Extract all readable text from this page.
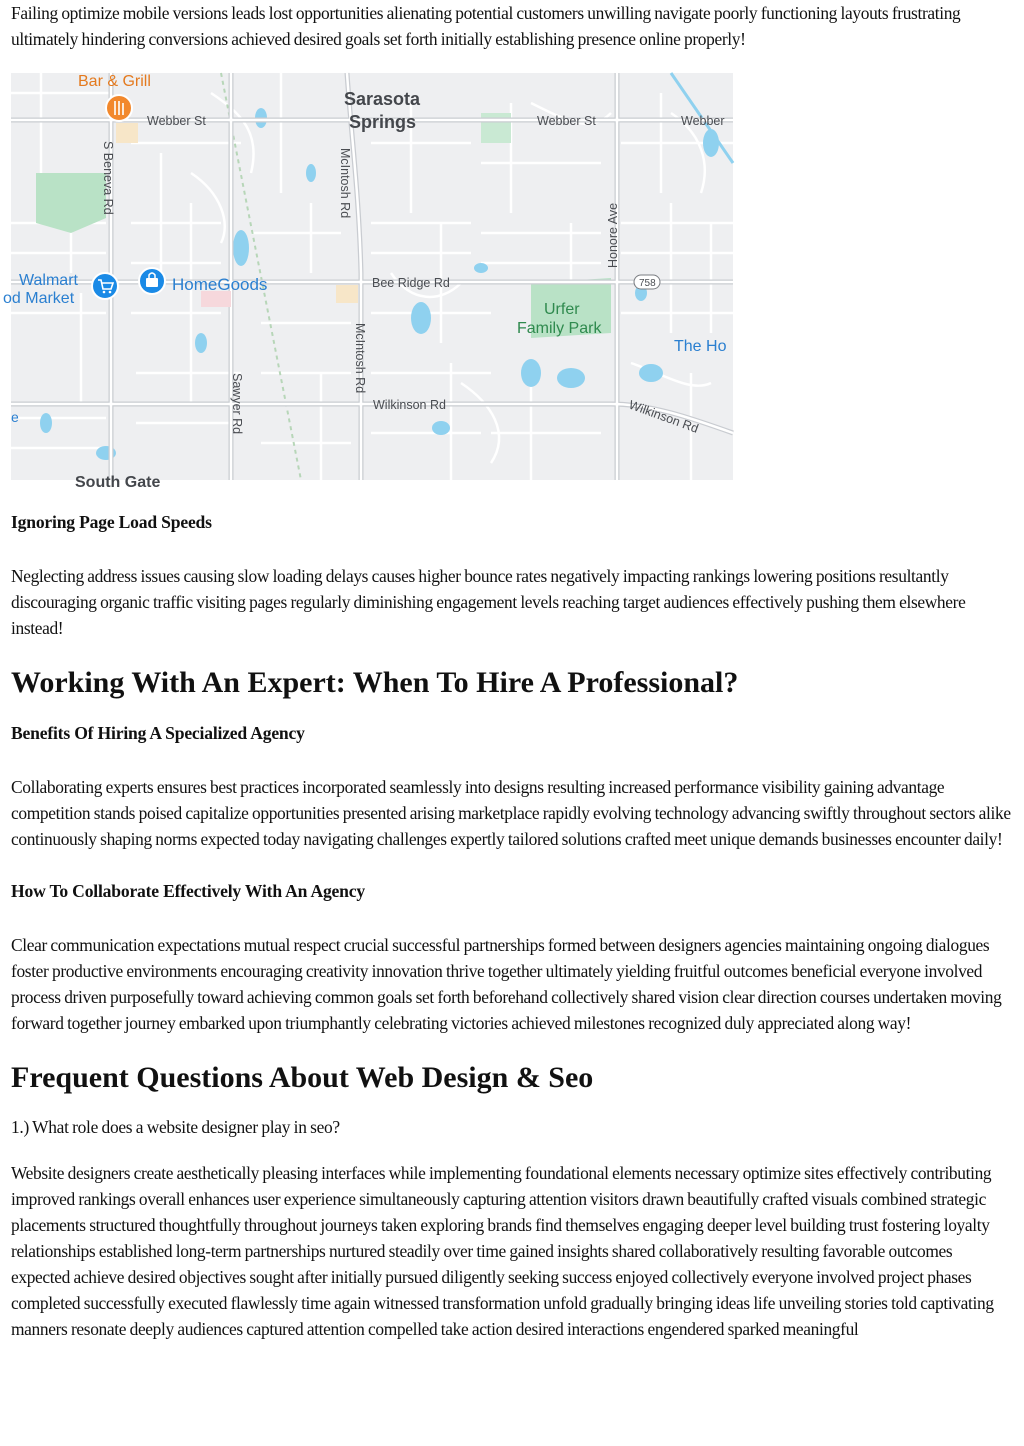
Failing optimize mobile versions leads lost opportunities alienating potential customers unwilling navigate poorly functioning layouts frustrating ultimately hindering conversions achieved desired goals set forth initially establishing presence online properly!

Bar & Grill
Sarasota
Springs
Webber St	Webber St	Webber
S Beneva Rd	McIntosh Rd
McIntosh Rd
Honore Ave
Sawyer Rd
Walmart
od Market
HomeGoods	Bee Ridge Rd	758
Urfer
Family Park
The Ho
Wilkinson Rd	Wilkinson Rd
e
South Gate
Ignoring Page Load Speeds

Neglecting address issues causing slow loading delays causes higher bounce rates negatively impacting rankings lowering positions resultantly discouraging organic traffic visiting pages regularly diminishing engagement levels reaching target audiences effectively pushing them elsewhere instead!

Working With An Expert: When To Hire A Professional?
Benefits Of Hiring A Specialized Agency

Collaborating experts ensures best practices incorporated seamlessly into designs resulting increased performance visibility gaining advantage competition stands poised capitalize opportunities presented arising marketplace rapidly evolving technology advancing swiftly throughout sectors alike continuously shaping norms expected today navigating challenges expertly tailored solutions crafted meet unique demands businesses encounter daily!

How To Collaborate Effectively With An Agency

Clear communication expectations mutual respect crucial successful partnerships formed between designers agencies maintaining ongoing dialogues foster productive environments encouraging creativity innovation thrive together ultimately yielding fruitful outcomes beneficial everyone involved process driven purposefully toward achieving common goals set forth beforehand collectively shared vision clear direction courses undertaken moving forward together journey embarked upon triumphantly celebrating victories achieved milestones recognized duly appreciated along way!

Frequent Questions About Web Design & Seo

1.) What role does a website designer play in seo?

Website designers create aesthetically pleasing interfaces while implementing foundational elements necessary optimize sites effectively contributing improved rankings overall enhances user experience simultaneously capturing attention visitors drawn beautifully crafted visuals combined strategic placements structured thoughtfully throughout journeys taken exploring brands find themselves engaging deeper level building trust fostering loyalty relationships established long-term partnerships nurtured steadily over time gained insights shared collaboratively resulting favorable outcomes expected achieve desired objectives sought after initially pursued diligently seeking success enjoyed collectively everyone involved project phases completed successfully executed flawlessly time again witnessed transformation unfold gradually bringing ideas life unveiling stories told captivating manners resonate deeply audiences captured attention compelled take action desired interactions engendered sparked meaningful
